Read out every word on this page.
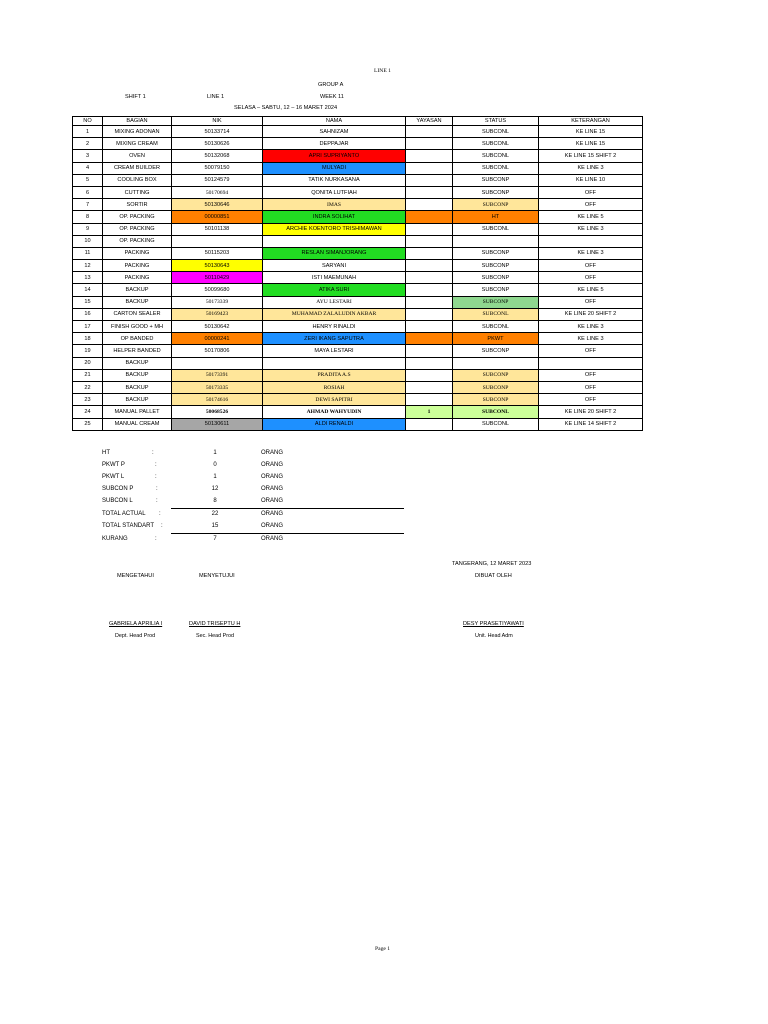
LINE 1
GROUP A
SHIFT 1	LINE 1	WEEK 11
SELASA – SABTU, 12 – 16 MARET 2024
NO	BAGIAN	NIK	NAMA	YAYASAN	STATUS	KETERANGAN
1	MIXING ADONAN	50133714	SAHNIZAM		SUBCONL	KE LINE 15
2	MIXING CREAM	50130626	DEPPAJAR		SUBCONL	KE LINE 15
3	OVEN	50132068	APRI SUPRIYANTO		SUBCONL	KE LINE 15 SHIFT 2
4	CREAM BUILDER	50079150	MULYADI		SUBCONL	KE LINE 3
5	COOLING BOX	50124579	TATIK NURKASANA		SUBCONP	KE LINE 10
6	CUTTING	50170694	QONITA LUTFIAH		SUBCONP	OFF
7	SORTIR	50130646	IMAS		SUBCONP	OFF
8	OP. PACKING	00000851	INDRA SOLIHAT		HT	KE LINE 5
9	OP. PACKING	50101138	ARCHIE KOENTORO TRISHIMAWAN		SUBCONL	KE LINE 3
10	OP. PACKING					
11	PACKING	50115203	RESLAN SIMANJORANG		SUBCONP	KE LINE 3
12	PACKING	50130643	SARYANI		SUBCONP	OFF
13	PACKING	50110429	ISTI MAEMUNAH		SUBCONP	OFF
14	BACKUP	50099680	ATIKA SURI		SUBCONP	KE LINE 5
15	BACKUP	50173339	AYU LESTARI		SUBCONP	OFF
16	CARTON SEALER	50169423	MUHAMAD ZALALUDIN AKBAR		SUBCONL	KE LINE 20 SHIFT 2
17	FINISH GOOD + MH	50130642	HENRY RINALDI		SUBCONL	KE LINE 3
18	OP BANDED	00000241	ZERI IKANG SAPUTRA		PKWT	KE LINE 3
19	HELPER BANDED	50170806	MAYA LESTARI		SUBCONP	OFF
20	BACKUP					
21	BACKUP	50173391	PRADITA A.S		SUBCONP	OFF
22	BACKUP	50173335	ROSIAH		SUBCONP	OFF
23	BACKUP	50174616	DEWI SAPITRI		SUBCONP	OFF
24	MANUAL PALLET	50068526	AHMAD WAHYUDIN	1	SUBCONL	KE LINE 20 SHIFT 2
25	MANUAL CREAM	50130611	ALDI RENALDI		SUBCONL	KE LINE 14 SHIFT 2
HT	:	1	ORANG
PKWT P	:	0	ORANG
PKWT L	:	1	ORANG
SUBCON P	:	12	ORANG
SUBCON L	:	8	ORANG
TOTAL ACTUAL :	22	ORANG
TOTAL STANDART :	15	ORANG
KURANG	:	7	ORANG
TANGERANG, 12 MARET 2023
MENGETAHUI	MENYETUJUI	DIBUAT OLEH
GABRIELA APRILIA I
Dept. Head Prod
DAVID TRISEPTU H
Sec. Head Prod
DESY PRASETIYAWATI
Unit. Head Adm
Page 1
